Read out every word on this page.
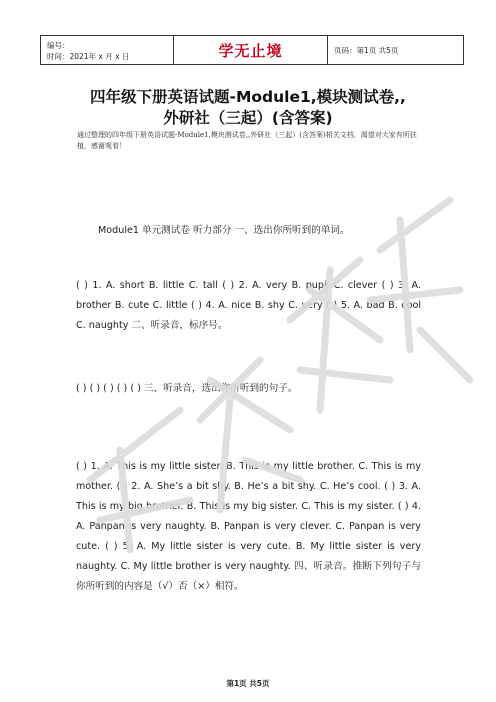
编号：
时间：2021年 x 月 x 日	学无止境	页码：第1页 共5页
四年级下册英语试题-Module1,模块测试卷,,
外研社（三起）(含答案)
通过整理的四年级下册英语试题-Module1,模块测试卷,,外研社（三起）(含答案)相关文档，渴望对大家有所扶植，感谢观看！
Module1 单元测试卷 听力部分 一、选出你所听到的单词。
( ) 1. A. short B. little C. tall ( ) 2. A. very B. pupil C. clever ( ) 3. A. brother B. cute C. little ( ) 4. A. nice B. shy C. very ( ) 5. A. bad B. cool C. naughty 二、听录音，标序号。
( ) ( ) ( ) ( ) ( ) 三、听录音，选出你所听到的句子。
( ) 1. A. This is my little sister. B. This is my little brother. C. This is my mother. ( ) 2. A. She’s a bit shy. B. He’s a bit shy. C. He’s cool. ( ) 3. A. This is my big brother. B. This is my big sister. C. This is my sister. ( ) 4. A. Panpan is very naughty. B. Panpan is very clever. C. Panpan is very cute. ( ) 5. A. My little sister is very cute. B. My little sister is very naughty. C. My little brother is very naughty. 四、听录音。推断下列句子与你所听到的内容是（√）否（×）相符。
第1页 共5页
